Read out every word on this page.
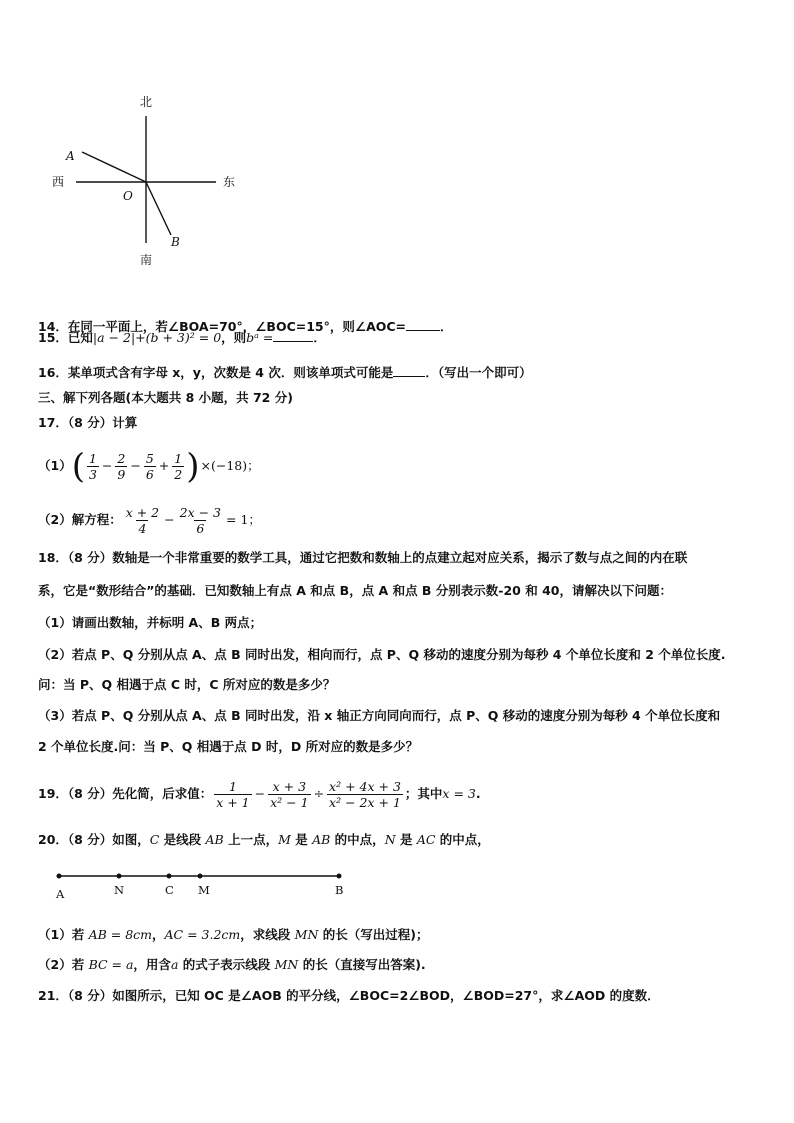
北
南
东
西
O
A
B
14．在同一平面上，若∠BOA=70°，∠BOC=15°，则∠AOC=	．
15．已知|a − 2|+(b + 3)² = 0，则bᵃ =	．
16．某单项式含有字母 x，y，次数是 4 次．则该单项式可能是	．（写出一个即可）
三、解下列各题(本大题共 8 小题，共 72 分)
17．（8 分）计算
$(1)( \frac{1}{3} - \frac{2}{9} - \frac{5}{6} + \frac{1}{2} )\times(-18)$；
（2）解方程： $\frac{x + 2}{4} - \frac{2x - 3}{6} = 1$；
18．（8 分）数轴是一个非常重要的数学工具，通过它把数和数轴上的点建立起对应关系，揭示了数与点之间的内在联
系，它是“数形结合”的基础．已知数轴上有点 A 和点 B，点 A 和点 B 分别表示数-20 和 40，请解决以下问题：
（1）请画出数轴，并标明 A、B 两点；
（2）若点 P、Q 分别从点 A、点 B 同时出发，相向而行，点 P、Q 移动的速度分别为每秒 4 个单位长度和 2 个单位长度.
问：当 P、Q 相遇于点 C 时，C 所对应的数是多少？
（3）若点 P、Q 分别从点 A、点 B 同时出发，沿 x 轴正方向同向而行，点 P、Q 移动的速度分别为每秒 4 个单位长度和
2 个单位长度.问：当 P、Q 相遇于点 D 时，D 所对应的数是多少？
19．（8 分）先化简，后求值： $\frac{1}{x + 1} - \frac{x + 3}{\text{x² − 1}} \div \frac{\text{x² + 4x + 3}}{\text{x² − 2x + 1}}$ ；其中x = 3.
20．（8 分）如图，C 是线段 AB 上一点，M 是 AB 的中点，N 是 AC 的中点，
A	N	C M	B
（1）若 AB = 8cm，AC = 3.2cm，求线段 MN 的长（写出过程)；
（2）若 BC = a，用含a 的式子表示线段 MN 的长（直接写出答案).
21．（8 分）如图所示，已知 OC 是∠AOB 的平分线，∠BOC=2∠BOD，∠BOD=27°，求∠AOD 的度数．
